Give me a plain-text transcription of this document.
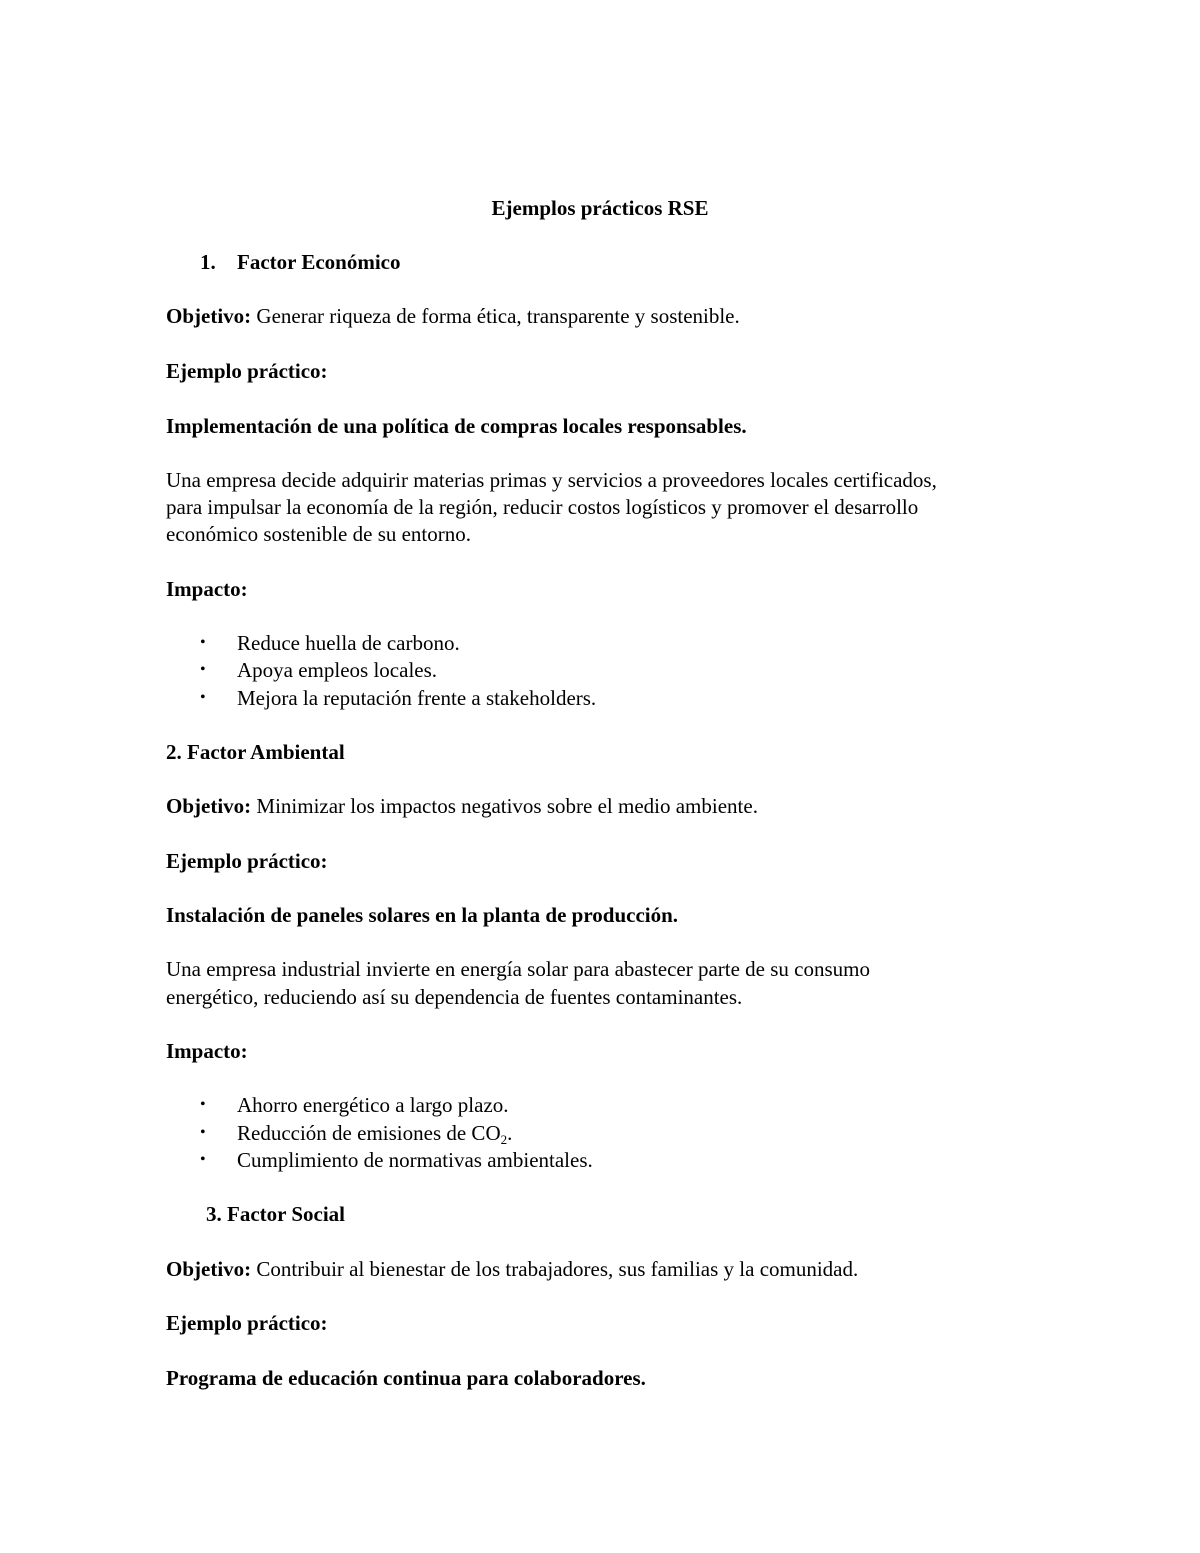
Ejemplos prácticos RSE

1. Factor Económico

Objetivo: Generar riqueza de forma ética, transparente y sostenible.

Ejemplo práctico:

Implementación de una política de compras locales responsables.

Una empresa decide adquirir materias primas y servicios a proveedores locales certificados,

para impulsar la economía de la región, reducir costos logísticos y promover el desarrollo

económico sostenible de su entorno.

Impacto:

• Reduce huella de carbono.
• Apoya empleos locales.
• Mejora la reputación frente a stakeholders.

2. Factor Ambiental

Objetivo: Minimizar los impactos negativos sobre el medio ambiente.

Ejemplo práctico:

Instalación de paneles solares en la planta de producción.

Una empresa industrial invierte en energía solar para abastecer parte de su consumo

energético, reduciendo así su dependencia de fuentes contaminantes.

Impacto:

• Ahorro energético a largo plazo.
• Reducción de emisiones de $CO_2$.
• Cumplimiento de normativas ambientales.

3. Factor Social

Objetivo: Contribuir al bienestar de los trabajadores, sus familias y la comunidad.

Ejemplo práctico:

Programa de educación continua para colaboradores.
